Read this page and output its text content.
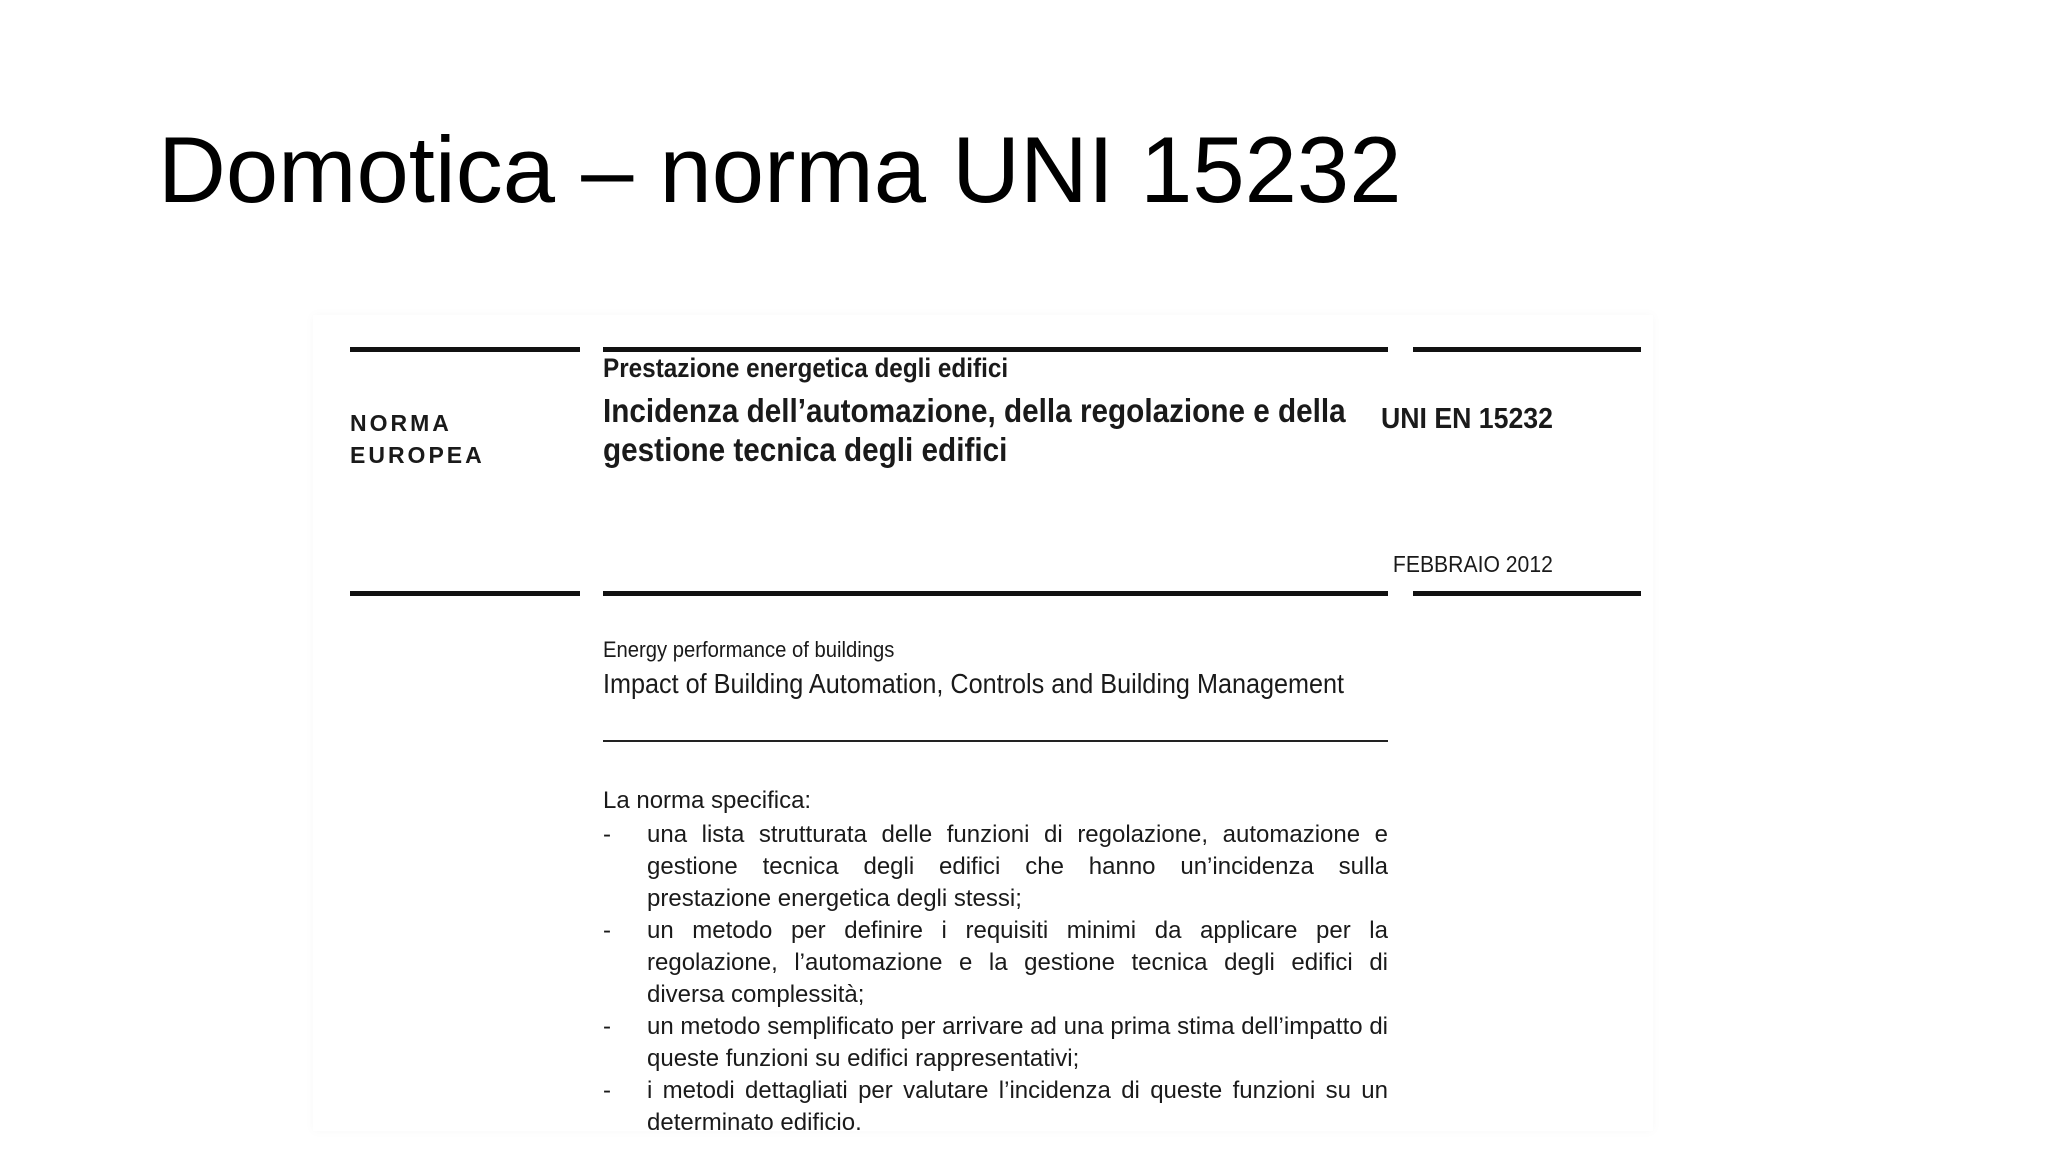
Domotica – norma UNI 15232
NORMA
EUROPEA
Prestazione energetica degli edifici
Incidenza dell’automazione, della regolazione e della gestione tecnica degli edifici
UNI EN 15232
FEBBRAIO 2012
Energy performance of buildings
Impact of Building Automation, Controls and Building Management
La norma specifica:
- una lista strutturata delle funzioni di regolazione, automazione e gestione tecnica degli edifici che hanno un’incidenza sulla prestazione energetica degli stessi;
- un metodo per definire i requisiti minimi da applicare per la regolazione, l’automazione e la gestione tecnica degli edifici di diversa complessità;
- un metodo semplificato per arrivare ad una prima stima dell’impatto di queste funzioni su edifici rappresentativi;
- i metodi dettagliati per valutare l’incidenza di queste funzioni su un determinato edificio.
